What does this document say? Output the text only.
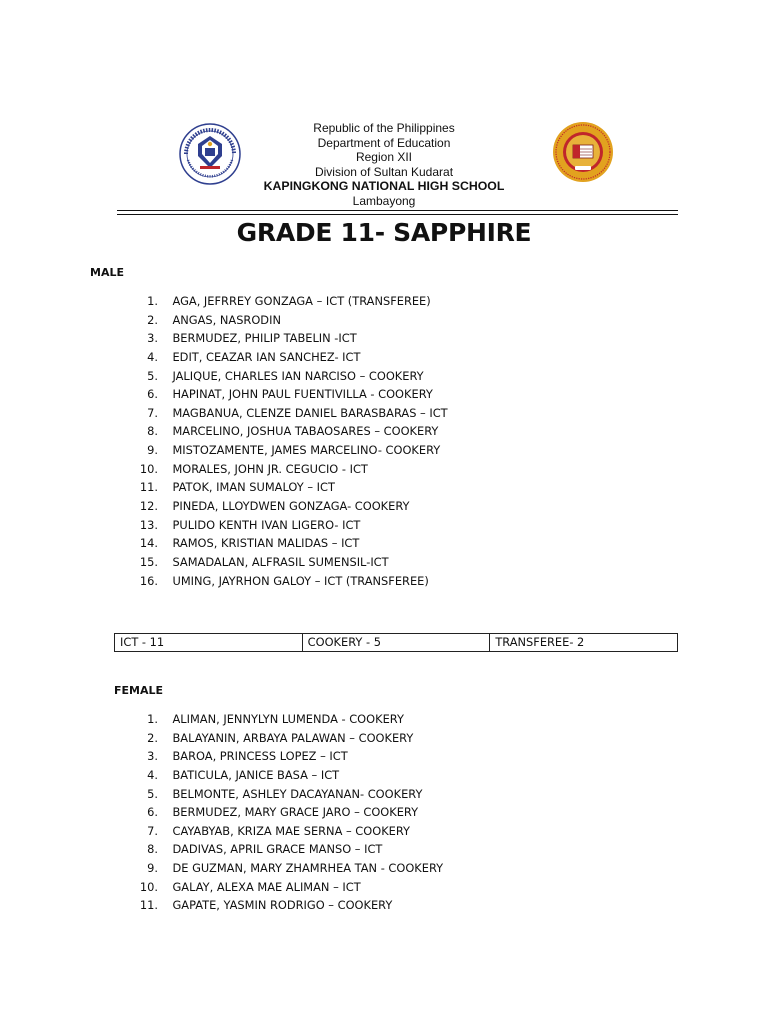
Republic of the Philippines
Department of Education
Region XII
Division of Sultan Kudarat
KAPINGKONG NATIONAL HIGH SCHOOL
Lambayong
GRADE 11- SAPPHIRE
MALE
1. AGA, JEFRREY GONZAGA – ICT (TRANSFEREE)
2. ANGAS, NASRODIN
3. BERMUDEZ, PHILIP TABELIN -ICT
4. EDIT, CEAZAR IAN SANCHEZ- ICT
5. JALIQUE, CHARLES IAN NARCISO – COOKERY
6. HAPINAT, JOHN PAUL FUENTIVILLA - COOKERY
7. MAGBANUA, CLENZE DANIEL BARASBARAS – ICT
8. MARCELINO, JOSHUA TABAOSARES – COOKERY
9. MISTOZAMENTE, JAMES MARCELINO- COOKERY
10. MORALES, JOHN JR. CEGUCIO - ICT
11. PATOK, IMAN SUMALOY – ICT
12. PINEDA, LLOYDWEN GONZAGA- COOKERY
13. PULIDO KENTH IVAN LIGERO- ICT
14. RAMOS, KRISTIAN MALIDAS – ICT
15. SAMADALAN, ALFRASIL SUMENSIL-ICT
16. UMING, JAYRHON GALOY – ICT (TRANSFEREE)
ICT - 11	COOKERY - 5	TRANSFEREE- 2
FEMALE
1. ALIMAN, JENNYLYN LUMENDA - COOKERY
2. BALAYANIN, ARBAYA PALAWAN – COOKERY
3. BAROA, PRINCESS LOPEZ – ICT
4. BATICULA, JANICE BASA – ICT
5. BELMONTE, ASHLEY DACAYANAN- COOKERY
6. BERMUDEZ, MARY GRACE JARO – COOKERY
7. CAYABYAB, KRIZA MAE SERNA – COOKERY
8. DADIVAS, APRIL GRACE MANSO – ICT
9. DE GUZMAN, MARY ZHAMRHEA TAN - COOKERY
10. GALAY, ALEXA MAE ALIMAN – ICT
11. GAPATE, YASMIN RODRIGO – COOKERY
